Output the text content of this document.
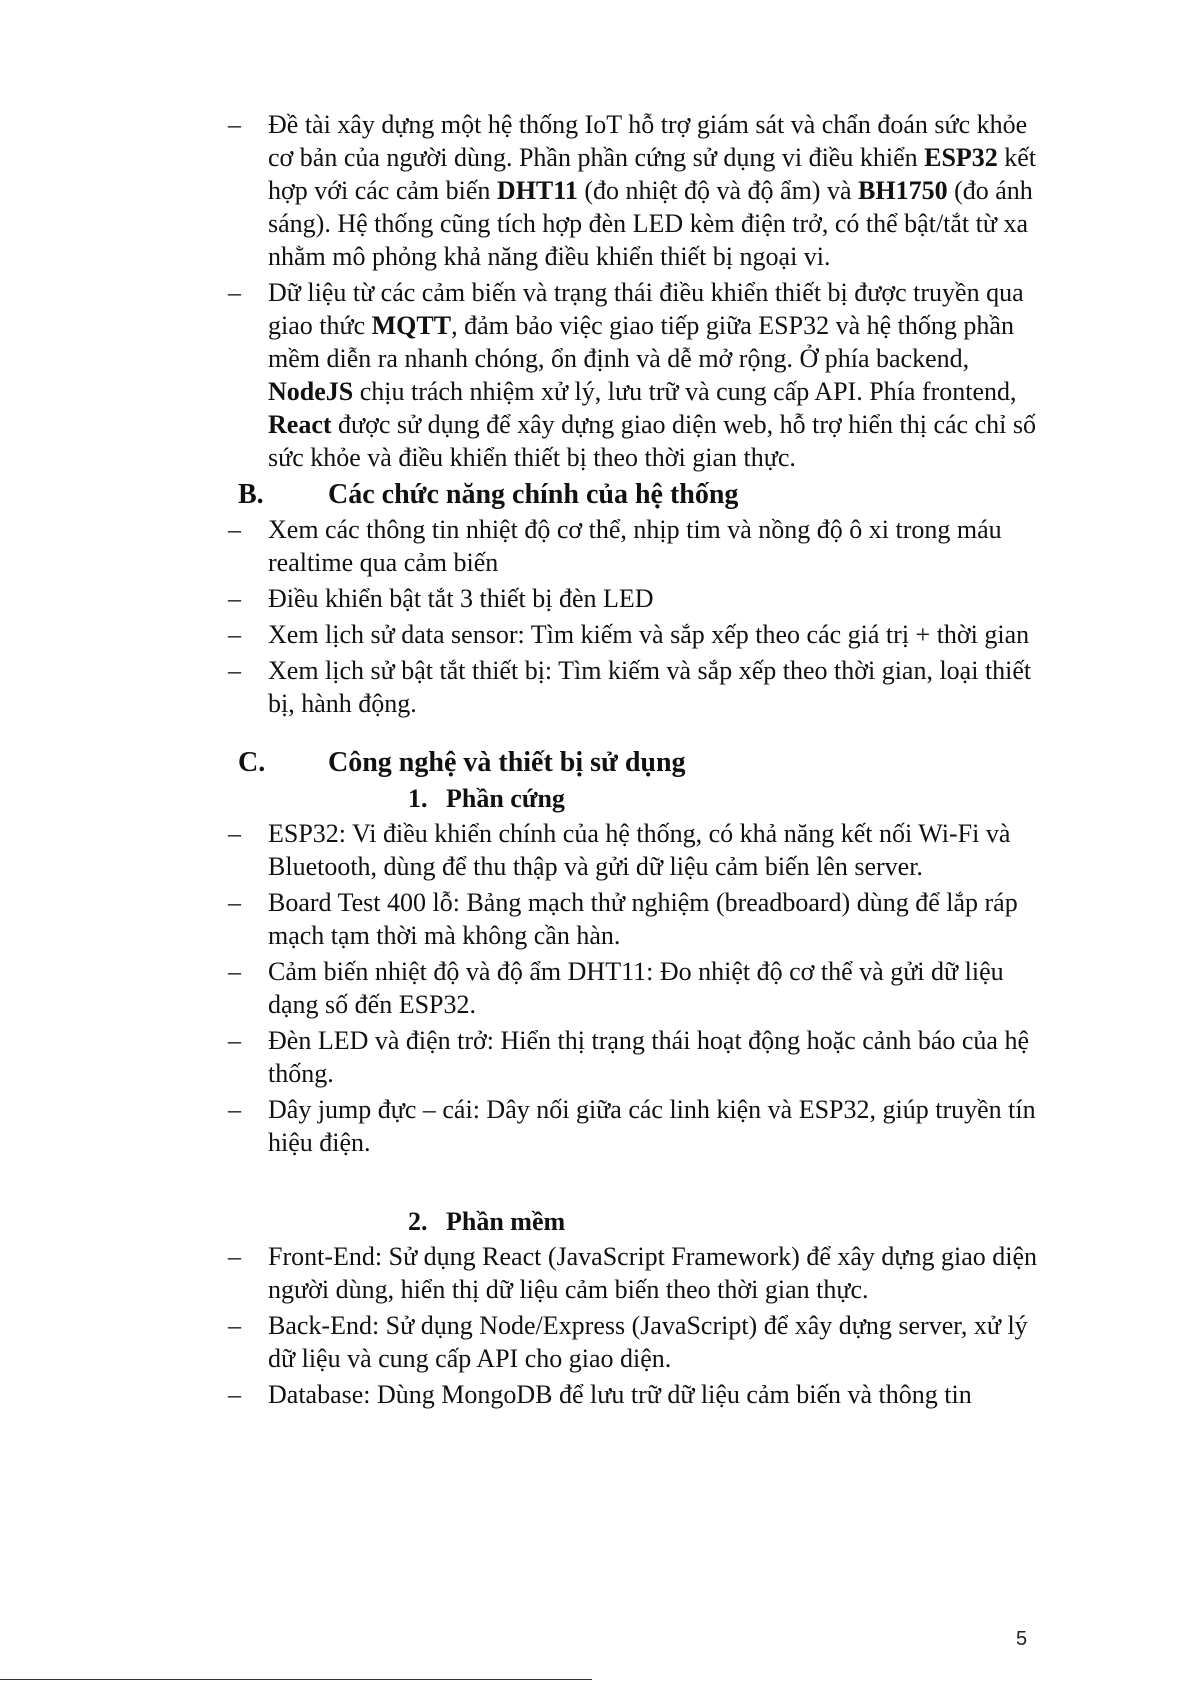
–	Đề tài xây dựng một hệ thống IoT hỗ trợ giám sát và chẩn đoán sức khỏe cơ bản của người dùng. Phần phần cứng sử dụng vi điều khiển ESP32 kết hợp với các cảm biến DHT11 (đo nhiệt độ và độ ẩm) và BH1750 (đo ánh sáng). Hệ thống cũng tích hợp đèn LED kèm điện trở, có thể bật/tắt từ xa nhằm mô phỏng khả năng điều khiển thiết bị ngoại vi.
–	Dữ liệu từ các cảm biến và trạng thái điều khiển thiết bị được truyền qua giao thức MQTT, đảm bảo việc giao tiếp giữa ESP32 và hệ thống phần mềm diễn ra nhanh chóng, ổn định và dễ mở rộng. Ở phía backend, NodeJS chịu trách nhiệm xử lý, lưu trữ và cung cấp API. Phía frontend, React được sử dụng để xây dựng giao diện web, hỗ trợ hiển thị các chỉ số sức khỏe và điều khiển thiết bị theo thời gian thực.
B. Các chức năng chính của hệ thống
–	Xem các thông tin nhiệt độ cơ thể, nhịp tim và nồng độ ô xi trong máu realtime qua cảm biến
–	Điều khiển bật tắt 3 thiết bị đèn LED
–	Xem lịch sử data sensor: Tìm kiếm và sắp xếp theo các giá trị + thời gian
–	Xem lịch sử bật tắt thiết bị: Tìm kiếm và sắp xếp theo thời gian, loại thiết bị, hành động.
C. Công nghệ và thiết bị sử dụng
1. Phần cứng
–	ESP32: Vi điều khiển chính của hệ thống, có khả năng kết nối Wi-Fi và Bluetooth, dùng để thu thập và gửi dữ liệu cảm biến lên server.
–	Board Test 400 lỗ: Bảng mạch thử nghiệm (breadboard) dùng để lắp ráp mạch tạm thời mà không cần hàn.
–	Cảm biến nhiệt độ và độ ẩm DHT11: Đo nhiệt độ cơ thể và gửi dữ liệu dạng số đến ESP32.
–	Đèn LED và điện trở: Hiển thị trạng thái hoạt động hoặc cảnh báo của hệ thống.
–	Dây jump đực – cái: Dây nối giữa các linh kiện và ESP32, giúp truyền tín hiệu điện.
2. Phần mềm
–	Front-End: Sử dụng React (JavaScript Framework) để xây dựng giao diện người dùng, hiển thị dữ liệu cảm biến theo thời gian thực.
–	Back-End: Sử dụng Node/Express (JavaScript) để xây dựng server, xử lý dữ liệu và cung cấp API cho giao diện.
–	Database: Dùng MongoDB để lưu trữ dữ liệu cảm biến và thông tin
5
